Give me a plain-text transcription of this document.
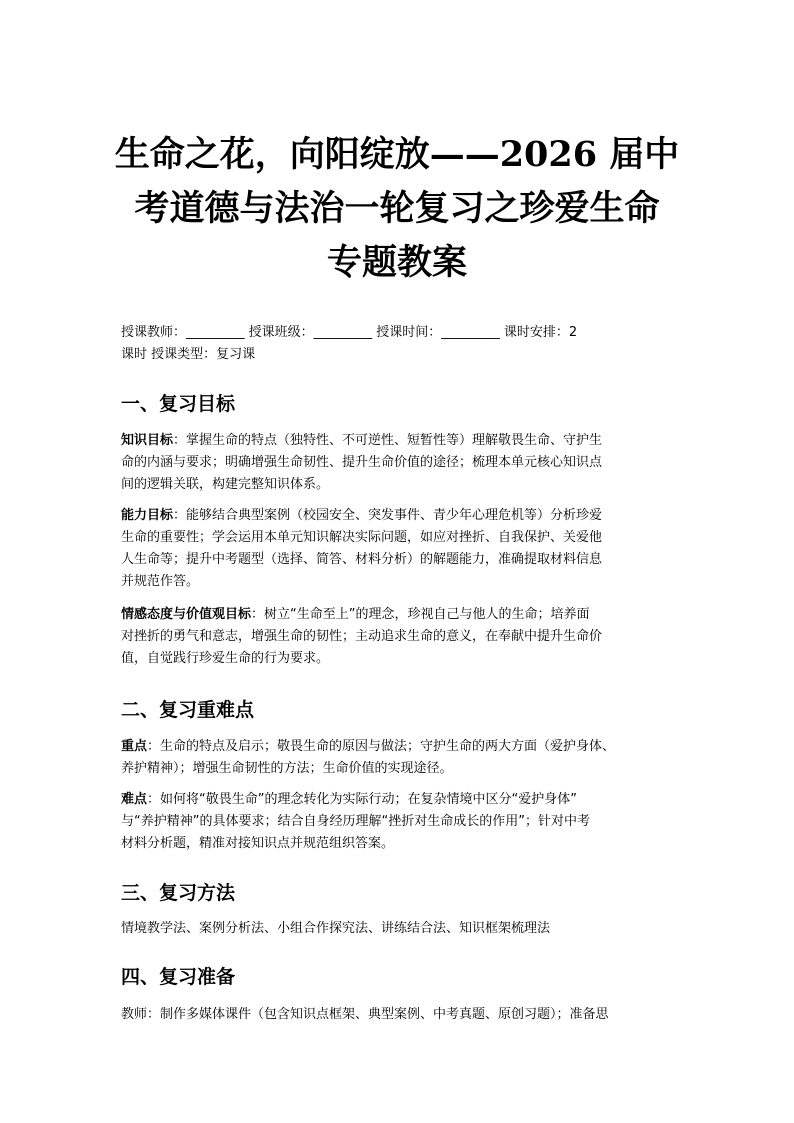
生命之花，向阳绽放——2026 届中
考道德与法治一轮复习之珍爱生命
专题教案
授课教师：_________ 授课班级：_________ 授课时间：_________ 课时安排：2
课时 授课类型：复习课
一、复习目标
知识目标：掌握生命的特点（独特性、不可逆性、短暂性等）理解敬畏生命、守护生
命的内涵与要求；明确增强生命韧性、提升生命价值的途径；梳理本单元核心知识点
间的逻辑关联，构建完整知识体系。
能力目标：能够结合典型案例（校园安全、突发事件、青少年心理危机等）分析珍爱
生命的重要性；学会运用本单元知识解决实际问题，如应对挫折、自我保护、关爱他
人生命等；提升中考题型（选择、简答、材料分析）的解题能力，准确提取材料信息
并规范作答。
情感态度与价值观目标：树立“生命至上”的理念，珍视自己与他人的生命；培养面
对挫折的勇气和意志，增强生命的韧性；主动追求生命的意义，在奉献中提升生命价
值，自觉践行珍爱生命的行为要求。
二、复习重难点
重点：生命的特点及启示；敬畏生命的原因与做法；守护生命的两大方面（爱护身体、
养护精神）；增强生命韧性的方法；生命价值的实现途径。
难点：如何将“敬畏生命”的理念转化为实际行动；在复杂情境中区分“爱护身体”
与“养护精神”的具体要求；结合自身经历理解“挫折对生命成长的作用”；针对中考
材料分析题，精准对接知识点并规范组织答案。
三、复习方法
情境教学法、案例分析法、小组合作探究法、讲练结合法、知识框架梳理法
四、复习准备
教师：制作多媒体课件（包含知识点框架、典型案例、中考真题、原创习题）；准备思
